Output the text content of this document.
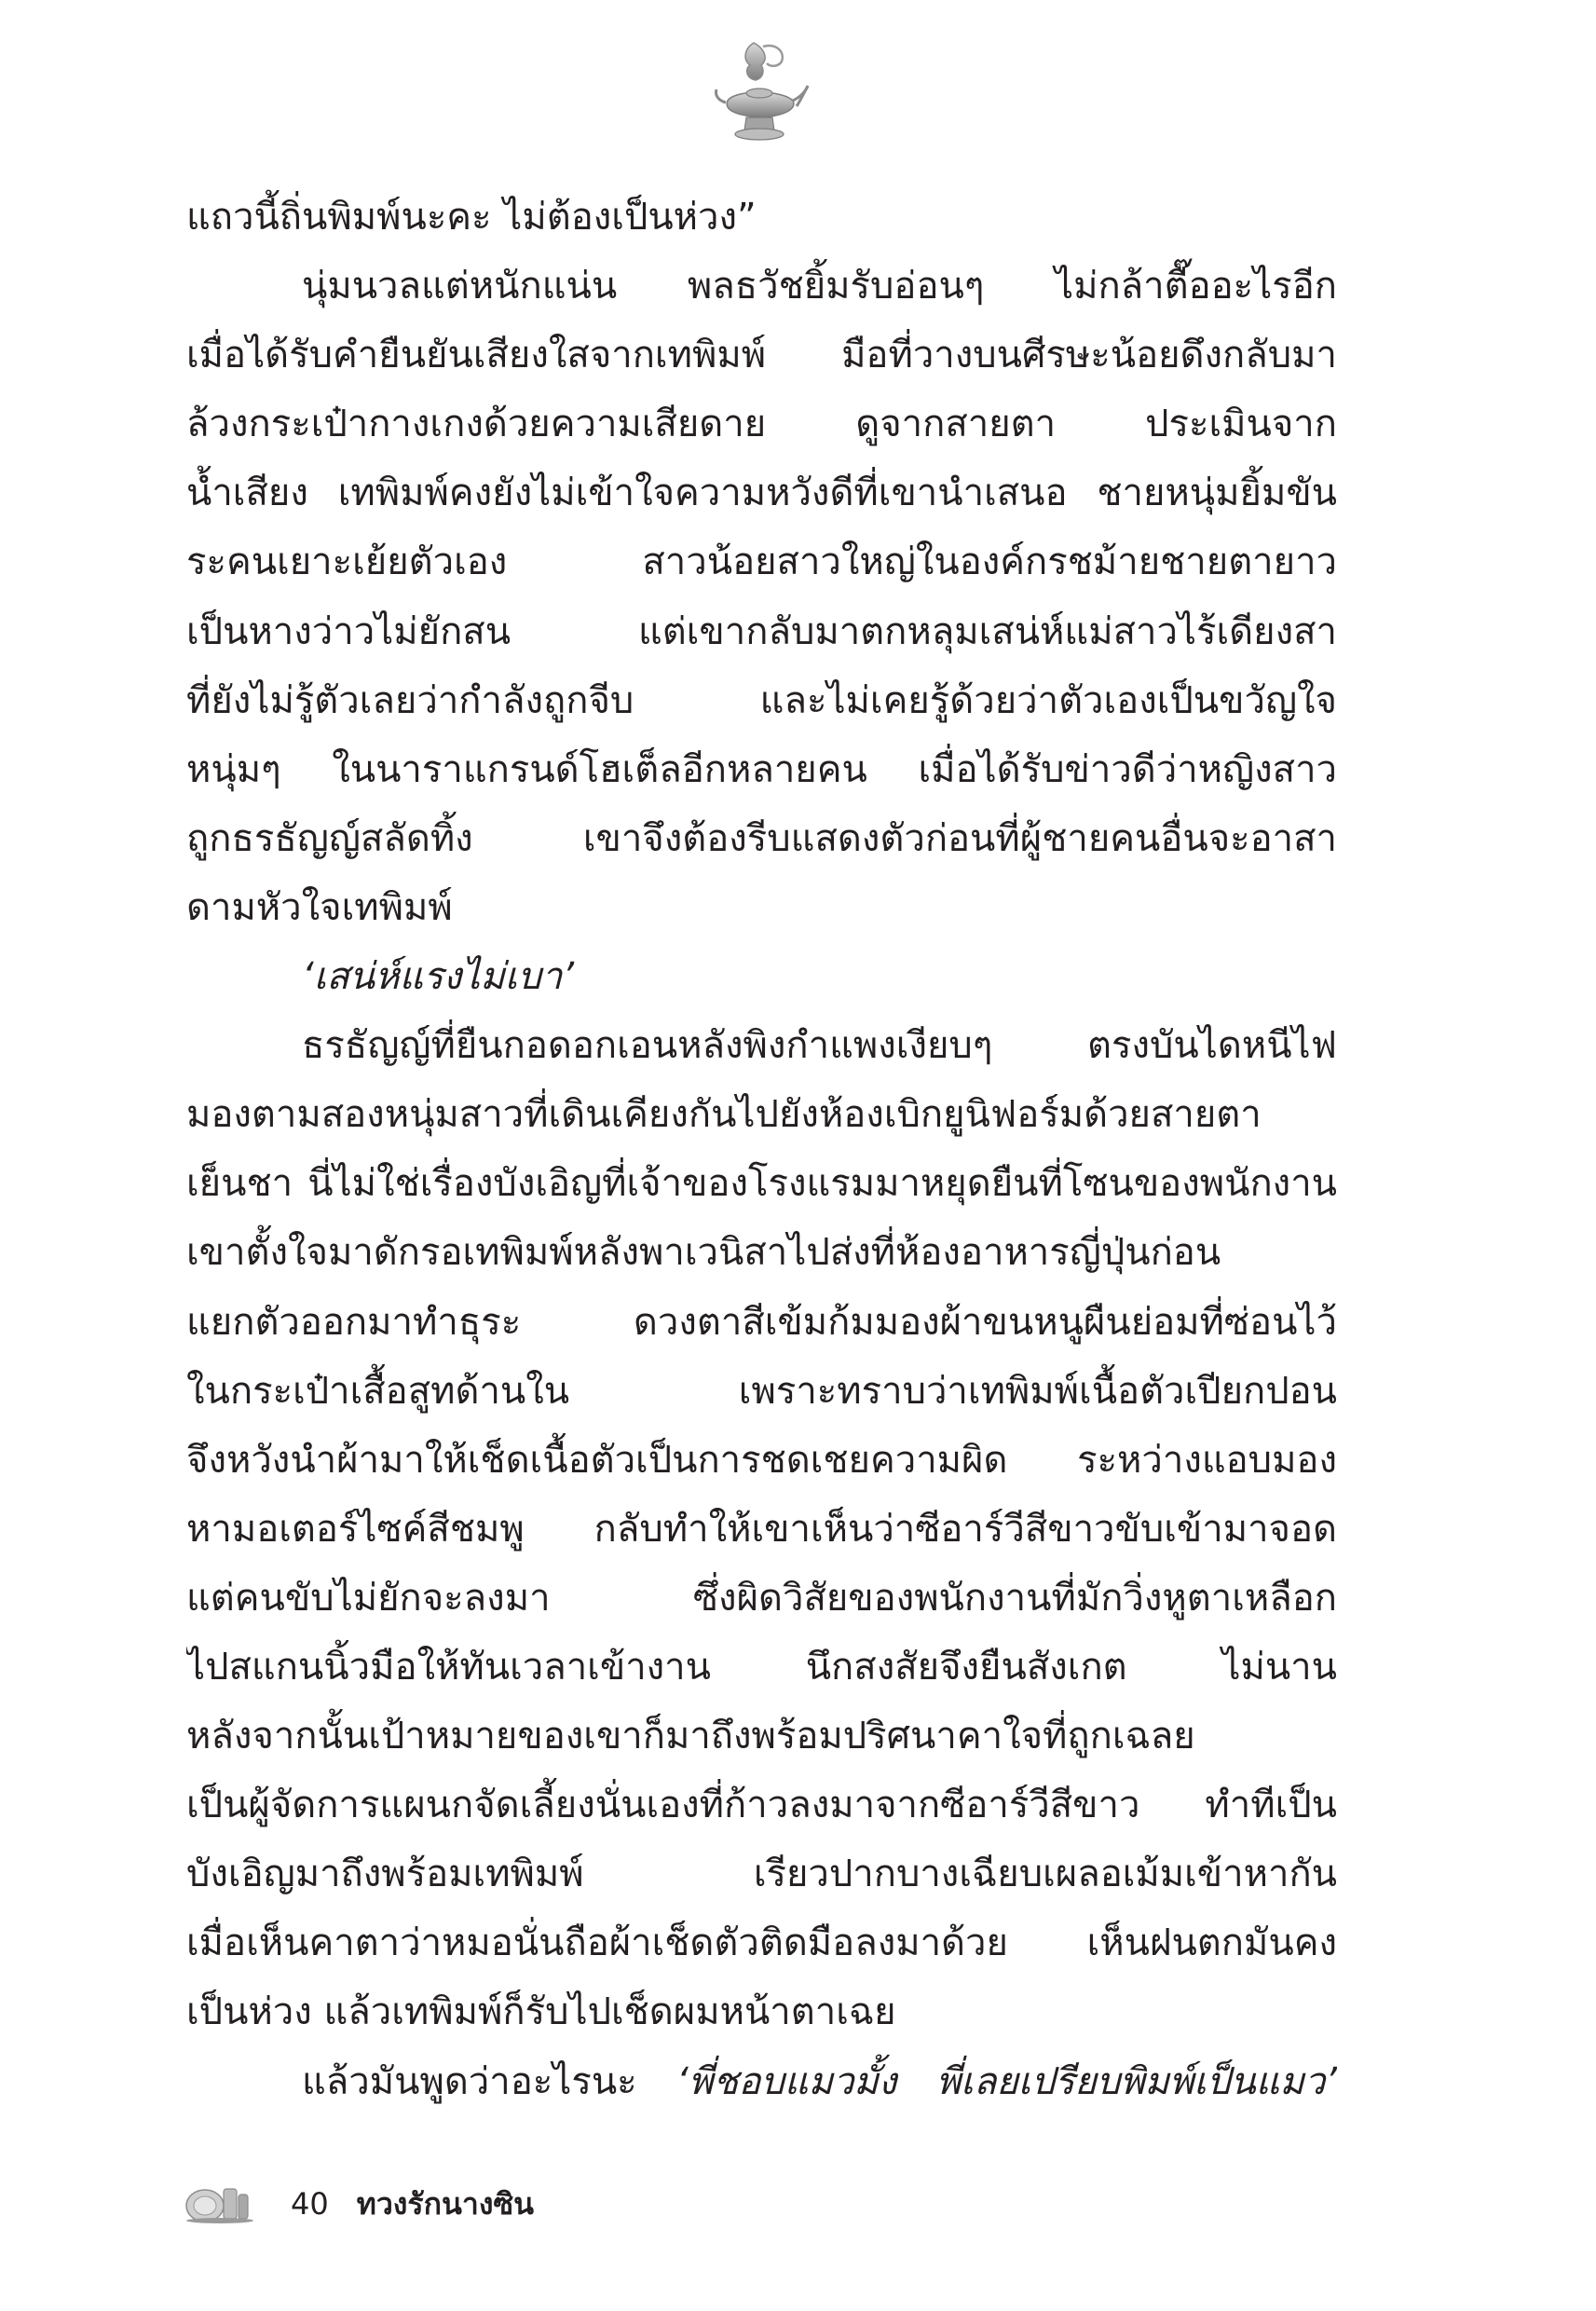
แถวนี้ถิ่นพิมพ์นะคะ ไม่ต้องเป็นห่วง”
นุ่มนวลแต่หนักแน่น พลธวัชยิ้มรับอ่อนๆ ไม่กล้าตื๊ออะไรอีก
เมื่อได้รับคำยืนยันเสียงใสจากเทพิมพ์ มือที่วางบนศีรษะน้อยดึงกลับมา
ล้วงกระเป๋ากางเกงด้วยความเสียดาย ดูจากสายตา ประเมินจาก
น้ำเสียง เทพิมพ์คงยังไม่เข้าใจความหวังดีที่เขานำเสนอ ชายหนุ่มยิ้มขัน
ระคนเยาะเย้ยตัวเอง สาวน้อยสาวใหญ่ในองค์กรชม้ายชายตายาว
เป็นหางว่าวไม่ยักสน แต่เขากลับมาตกหลุมเสน่ห์แม่สาวไร้เดียงสา
ที่ยังไม่รู้ตัวเลยว่ากำลังถูกจีบ และไม่เคยรู้ด้วยว่าตัวเองเป็นขวัญใจ
หนุ่มๆ ในนาราแกรนด์โฮเต็ลอีกหลายคน เมื่อได้รับข่าวดีว่าหญิงสาว
ถูกธรธัญญ์สลัดทิ้ง เขาจึงต้องรีบแสดงตัวก่อนที่ผู้ชายคนอื่นจะอาสา
ดามหัวใจเทพิมพ์
‘เสน่ห์แรงไม่เบา’
ธรธัญญ์ที่ยืนกอดอกเอนหลังพิงกำแพงเงียบๆ ตรงบันไดหนีไฟ
มองตามสองหนุ่มสาวที่เดินเคียงกันไปยังห้องเบิกยูนิฟอร์มด้วยสายตา
เย็นชา นี่ไม่ใช่เรื่องบังเอิญที่เจ้าของโรงแรมมาหยุดยืนที่โซนของพนักงาน
เขาตั้งใจมาดักรอเทพิมพ์หลังพาเวนิสาไปส่งที่ห้องอาหารญี่ปุ่นก่อน
แยกตัวออกมาทำธุระ ดวงตาสีเข้มก้มมองผ้าขนหนูผืนย่อมที่ซ่อนไว้
ในกระเป๋าเสื้อสูทด้านใน เพราะทราบว่าเทพิมพ์เนื้อตัวเปียกปอน
จึงหวังนำผ้ามาให้เช็ดเนื้อตัวเป็นการชดเชยความผิด ระหว่างแอบมอง
หามอเตอร์ไซค์สีชมพู กลับทำให้เขาเห็นว่าซีอาร์วีสีขาวขับเข้ามาจอด
แต่คนขับไม่ยักจะลงมา ซึ่งผิดวิสัยของพนักงานที่มักวิ่งหูตาเหลือก
ไปสแกนนิ้วมือให้ทันเวลาเข้างาน นึกสงสัยจึงยืนสังเกต ไม่นาน
หลังจากนั้นเป้าหมายของเขาก็มาถึงพร้อมปริศนาคาใจที่ถูกเฉลย
เป็นผู้จัดการแผนกจัดเลี้ยงนั่นเองที่ก้าวลงมาจากซีอาร์วีสีขาว ทำทีเป็น
บังเอิญมาถึงพร้อมเทพิมพ์ เรียวปากบางเฉียบเผลอเม้มเข้าหากัน
เมื่อเห็นคาตาว่าหมอนั่นถือผ้าเช็ดตัวติดมือลงมาด้วย เห็นฝนตกมันคง
เป็นห่วง แล้วเทพิมพ์ก็รับไปเช็ดผมหน้าตาเฉย
แล้วมันพูดว่าอะไรนะ ‘พี่ชอบแมวมั้ง พี่เลยเปรียบพิมพ์เป็นแมว’
40 ทวงรักนางซิน
